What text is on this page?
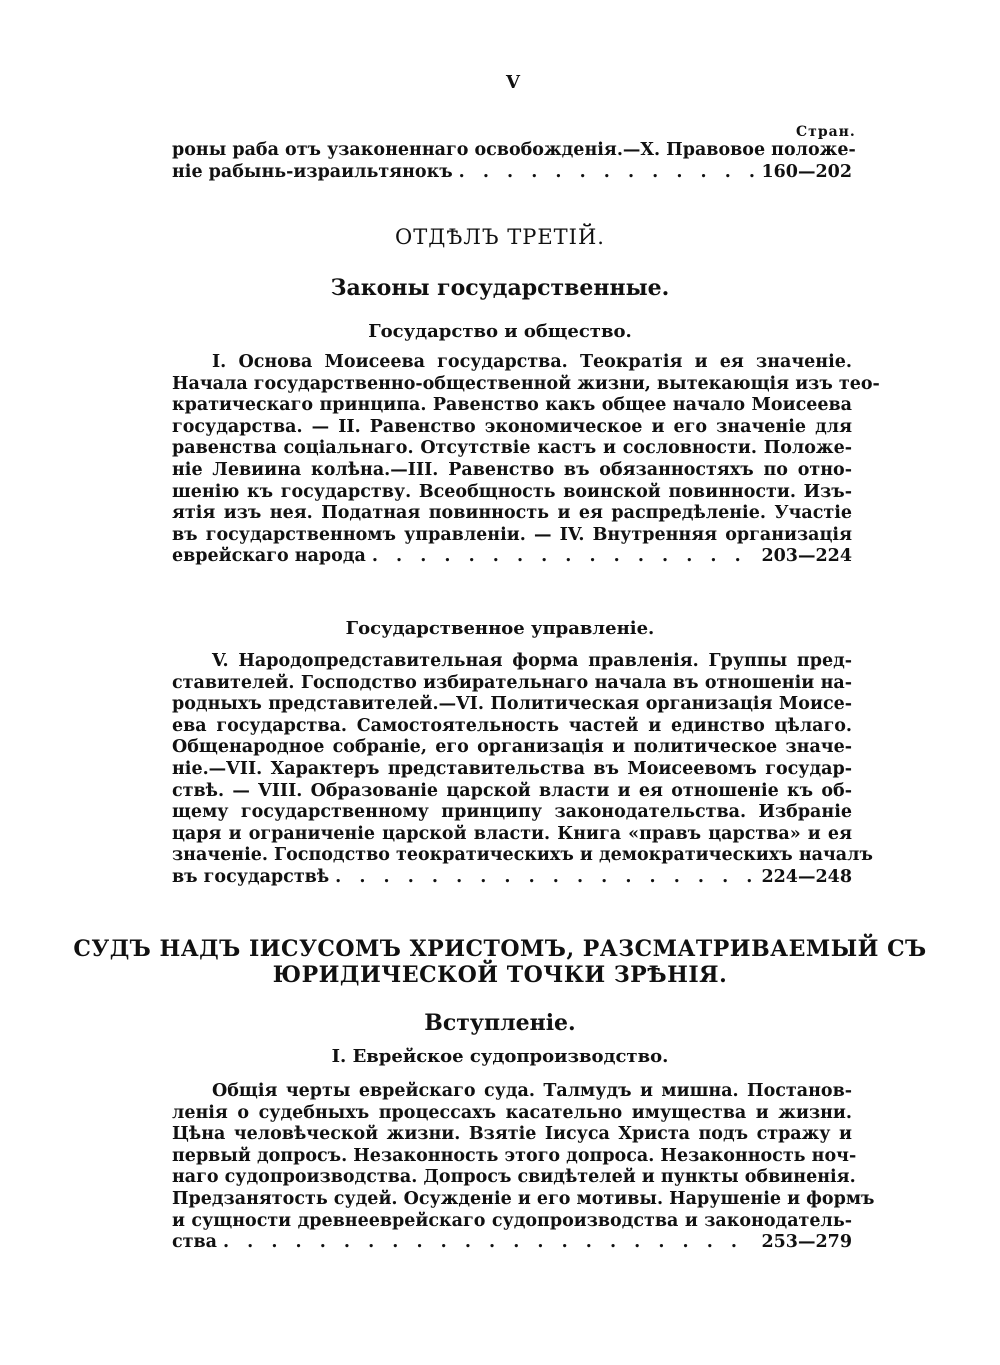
V
Стран.

роны раба отъ узаконеннаго освобожденія.—X. Правовое положе-

ніе рабынь-израильтянокъ . . .	160—202
ОТДѢЛЪ ТРЕТІЙ.
Законы государственные.
Государство и общество.

I. Основа Моисеева государства. Теократія и ея значеніе.

Начала государственно-общественной жизни, вытекающія изъ тео-

кратическаго принципа. Равенство какъ общее начало Моисеева

государства. — II. Равенство экономическое и его значеніе для

равенства соціальнаго. Отсутствіе кастъ и сословности. Положе-

ніе Левиина колѣна.—III. Равенство въ обязанностяхъ по отно-

шенію къ государству. Всеобщность воинской повинности. Изъ-

ятія изъ нея. Податная повинность и ея распредѣленіе. Участіе

въ государственномъ управленіи. — IV. Внутренняя организація

еврейскаго народа . . .	203—224
Государственное управленіе.

V. Народопредставительная форма правленія. Группы пред-

ставителей. Господство избирательнаго начала въ отношеніи на-

родныхъ представителей.—VI. Политическая организація Моисе-

ева государства. Самостоятельность частей и единство цѣлаго.

Общенародное собраніе, его организація и политическое значе-

ніе.—VII. Характеръ представительства въ Моисеевомъ государ-

ствѣ. — VIII. Образованіе царской власти и ея отношеніе къ об-

щему государственному принципу законодательства. Избраніе

царя и ограниченіе царской власти. Книга «правъ царства» и ея

значеніе. Господство теократическихъ и демократическихъ началъ

въ государствѣ . . .	224—248
СУДЪ НАДЪ ІИСУСОМЪ ХРИСТОМЪ, РАЗСМАТРИВАЕМЫЙ СЪ
ЮРИДИЧЕСКОЙ ТОЧКИ ЗРѢНІЯ.
Вступленіе.
I. Еврейское судопроизводство.

Общія черты еврейскаго суда. Талмудъ и мишна. Постанов-

ленія о судебныхъ процессахъ касательно имущества и жизни.

Цѣна человѣческой жизни. Взятіе Іисуса Христа подъ стражу и

первый допросъ. Незаконность этого допроса. Незаконность ноч-

наго судопроизводства. Допросъ свидѣтелей и пункты обвиненія.

Предзанятость судей. Осужденіе и его мотивы. Нарушеніе и формъ

и сущности древнееврейскаго судопроизводства и законодатель-

ства . . .	253—279
